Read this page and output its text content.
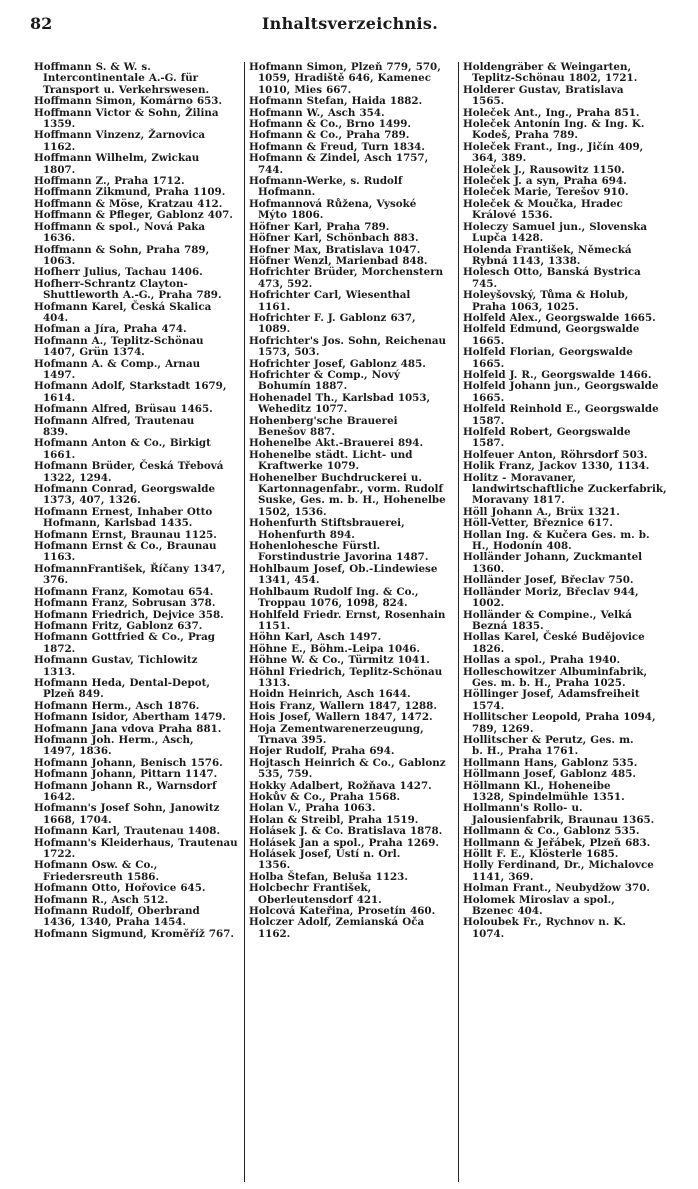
82	Inhaltsverzeichnis.

Hoffmann S. & W. s. Intercontinentale A.-G. für Transport u. Verkehrswesen.

Hoffmann Simon, Komárno 653.

Hoffmann Victor & Sohn, Žilina
1359.

Hoffmann Vinzenz, Žarnovica
1162.

Hoffmann Wilhelm, Zwickau
1807.

Hoffmann Z., Praha 1712.

Hoffmann Zikmund, Praha 1109.

Hoffmann & Möse, Kratzau 412.

Hoffmann & Pfleger, Gablonz 407.

Hoffmann & spol., Nová Paka
1636.

Hoffmann & Sohn, Praha 789,
1063.

Hofherr Julius, Tachau 1406.

Hofherr-Schrantz Clayton-Shuttleworth A.-G., Praha 789.

Hofmann Karel, Česká Skalica
404.

Hofman a Jíra, Praha 474.

Hofmann A., Teplitz-Schönau
1407, Grün 1374.

Hofmann A. & Comp., Arnau
1497.

Hofmann Adolf, Starkstadt 1679,
1614.

Hofmann Alfred, Brüsau 1465.

Hofmann Alfred, Trautenau
839.

Hofmann Anton & Co., Birkigt
1661.

Hofmann Brüder, Česká Třebová 1322, 1294.

Hofmann Conrad, Georgswalde
1373, 407, 1326.

Hofmann Ernest, Inhaber Otto Hofmann, Karlsbad 1435.

Hofmann Ernst, Braunau 1125.

Hofmann Ernst & Co., Braunau
1163.

HofmannFrantišek, Říčany 1347,
376.

Hofmann Franz, Komotau 654.

Hofmann Franz, Sobrusan 378.

Hofmann Friedrich, Dejvice 358.

Hofmann Fritz, Gablonz 637.

Hofmann Gottfried & Co., Prag
1872.

Hofmann Gustav, Tichlowitz
1313.

Hofmann Heda, Dental-Depot,
Plzeň 849.

Hofmann Herm., Asch 1876.

Hofmann Isidor, Abertham 1479.

Hofmann Jana vdova Praha 881.

Hofmann Joh. Herm., Asch,
1497, 1836.

Hofmann Johann, Benisch 1576.

Hofmann Johann, Pittarn 1147.

Hofmann Johann R., Warnsdorf 1642.

Hofmann's Josef Sohn, Janowitz
1668, 1704.

Hofmann Karl, Trautenau 1408.

Hofmann's Kleiderhaus, Trautenau 1722.

Hofmann Osw. & Co., Friedersreuth 1586.

Hofmann Otto, Hořovice 645.

Hofmann R., Asch 512.

Hofmann Rudolf, Oberbrand
1436, 1340, Praha 1454.

Hofmann Sigmund, Kroměříž 767.

Hofmann Simon, Plzeň 779, 570,
1059, Hradiště 646, Kamenec
1010, Mies 667.

Hofmann Stefan, Haida 1882.

Hofmann W., Asch 354.

Hofmann & Co., Brno 1499.

Hofmann & Co., Praha 789.

Hofmann & Freud, Turn 1834.

Hofmann & Zindel, Asch 1757,
744.

Hofmann-Werke, s. Rudolf Hofmann.

Hofmannová Růžena, Vysoké
Mýto 1806.

Höfner Karl, Praha 789.

Höfner Karl, Schönbach 883.

Hofner Max, Bratislava 1047.

Höfner Wenzl, Marienbad 848.

Hofrichter Brüder, Morchenstern
473, 592.

Hofrichter Carl, Wiesenthal
1161.

Hofrichter F. J. Gablonz 637,
1089.

Hofrichter's Jos. Sohn, Reichenau
1573, 503.

Hofrichter Josef, Gablonz 485.

Hofrichter & Comp., Nový Bohumín 1887.

Hohenadel Th., Karlsbad 1053,
Weheditz 1077.

Hohenberg'sche Brauerei
Benešov 887.

Hohenelbe Akt.-Brauerei 894.

Hohenelbe städt. Licht- und
Kraftwerke 1079.

Hohenelber Buchdruckerei u.
Kartonnagenfabr., vorm. Rudolf
Suske, Ges. m. b. H., Hohenelbe 1502, 1536.

Hohenfurth Stiftsbrauerei, Hohenfurth 894.

Hohenlohesche Fürstl. Forstindustrie Javorina 1487.

Hohlbaum Josef, Ob.-Lindewiese
1341, 454.

Hohlbaum Rudolf Ing. & Co.,
Troppau 1076, 1098, 824.

Hohlfeld Friedr. Ernst, Rosenhain 1151.

Höhn Karl, Asch 1497.

Höhne E., Böhm.-Leipa 1046.

Höhne W. & Co., Türmitz 1041.

Höhnl Friedrich, Teplitz-Schönau 1313.

Hoidn Heinrich, Asch 1644.

Hois Franz, Wallern 1847, 1288.

Hois Josef, Wallern 1847, 1472.

Hoja Zementwarenerzeugung,
Trnava 395.

Hojer Rudolf, Praha 694.

Hojtasch Heinrich & Co., Gablonz 535, 759.

Hokky Adalbert, Rožňava 1427.

Hokův & Co., Praha 1568.

Holan V., Praha 1063.

Holan & Streibl, Praha 1519.

Holásek J. & Co. Bratislava 1878.

Holásek Jan a spol., Praha 1269.

Holásek Josef, Ústí n. Orl.
1356.

Holba Štefan, Beluša 1123.

Holcbechr František, Oberleutensdorf 421.

Holcová Kateřina, Prosetín 460.

Holczer Adolf, Zemianská Oča
1162.

Holdengräber & Weingarten,
Teplitz-Schönau 1802, 1721.

Holderer Gustav, Bratislava
1565.

Holeček Ant., Ing., Praha 851.

Holeček Antonín Ing. & Ing. K.
Kodeš, Praha 789.

Holeček Frant., Ing., Jičín 409,
364, 389.

Holeček J., Rausowitz 1150.

Holeček J. a syn, Praha 694.

Holeček Marie, Terešov 910.

Holeček & Moučka, Hradec
Králové 1536.

Holeczy Samuel jun., Slovenska
Lupča 1428.

Holenda František, Německá
Rybná 1143, 1338.

Holesch Otto, Banská Bystrica
745.

Holeyšovský, Tůma & Holub,
Praha 1063, 1025.

Holfeld Alex., Georgswalde 1665.

Holfeld Edmund, Georgswalde
1665.

Holfeld Florian, Georgswalde
1665.

Holfeld J. R., Georgswalde 1466.

Holfeld Johann jun., Georgswalde
1665.

Holfeld Reinhold E., Georgswalde 1587.

Holfeld Robert, Georgswalde
1587.

Holfeuer Anton, Röhrsdorf 503.

Holik Franz, Jackov 1330, 1134.

Holitz - Moravaner, landwirtschaftliche Zuckerfabrik, Moravany 1817.

Höll Johann A., Brüx 1321.

Höll-Vetter, Březnice 617.

Hollan Ing. & Kučera Ges. m. b.
H., Hodonín 408.

Holländer Johann, Zuckmantel
1360.

Holländer Josef, Břeclav 750.

Holländer Moriz, Břeclav 944,
1002.

Holländer & Compine., Velká Bezná 1835.

Hollas Karel, České Budějovice
1826.

Hollas a spol., Praha 1940.

Holleschowitzer Albuminfabrik,
Ges. m. b. H., Praha 1025.

Höllinger Josef, Adamsfreiheit
1574.

Hollitscher Leopold, Praha 1094,
789, 1269.

Hollitscher & Perutz, Ges. m.
b. H., Praha 1761.

Hollmann Hans, Gablonz 535.

Höllmann Josef, Gablonz 485.

Höllmann Kl., Hoheneibe
1328, Spindelmühle 1351.

Hollmann's Rollo- u. Jalousienfabrik, Braunau 1365.

Hollmann & Co., Gablonz 535.

Hollmann & Jeřábek, Plzeň 683.

Höllt F. E., Klösterle 1685.

Holly Ferdinand, Dr., Michalovce 1141, 369.

Holman Frant., Neubydžow 370.

Holomek Miroslav a spol.,
Bzenec 404.

Holoubek Fr., Rychnov n. K.
1074.
